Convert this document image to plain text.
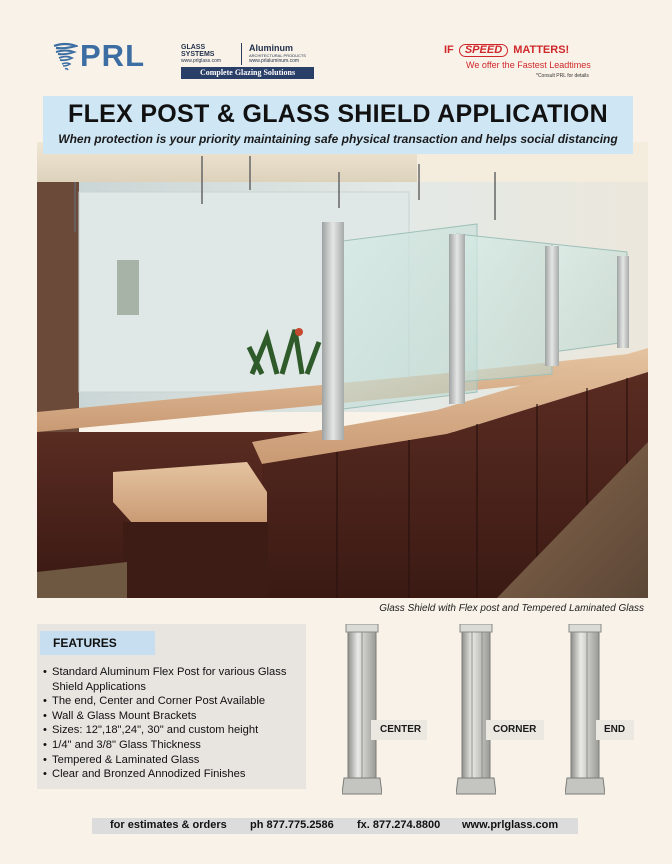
PRL	GLASS
SYSTEMS
www.prlglass.com
Aluminum
ARCHITECTURAL PRODUCTS
www.prlaluminum.com
Complete Glazing Solutions
IF SPEED MATTERS!
We offer the Fastest Leadtimes
*Consult PRL for details
FLEX POST & GLASS SHIELD APPLICATION
When protection is your priority maintaining safe physical transaction and helps social distancing
Glass Shield with Flex post and Tempered Laminated Glass
FEATURES
• Standard Aluminum Flex Post for various Glass Shield Applications
• The end, Center and Corner Post Available
• Wall & Glass Mount Brackets
• Sizes: 12",18",24", 30" and custom height
• 1/4" and 3/8" Glass Thickness
• Tempered & Laminated Glass
• Clear and Bronzed Annodized Finishes
CENTER	CORNER	END
for estimates & orders ph 877.775.2586 fx. 877.274.8800 www.prlglass.com
